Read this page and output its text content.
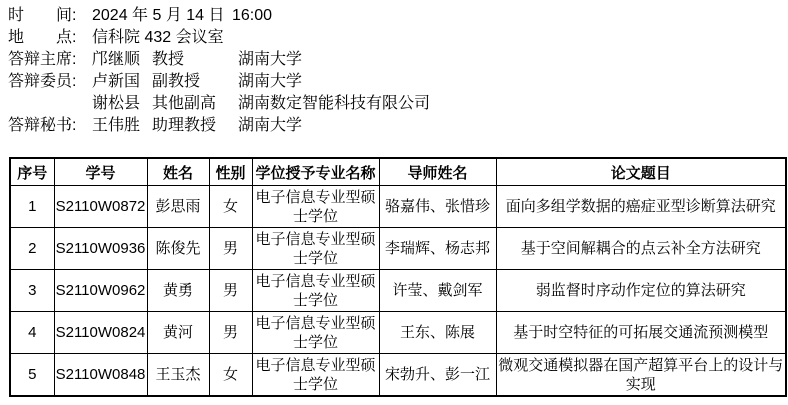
时　　间: 2024 年 5 月 14 日 16:00
地　　点: 信科院 432 会议室
答辩主席: 邝继顺 教授	湖南大学
答辩委员: 卢新国 副教授	湖南大学
谢松县 其他副高	湖南数定智能科技有限公司
答辩秘书: 王伟胜 助理教授	湖南大学
序号	学号	姓名	性别	学位授予专业名称	导师姓名	论文题目
1	S2110W0872	彭思雨	女	电子信息专业型硕士学位	骆嘉伟、张惜珍	面向多组学数据的癌症亚型诊断算法研究
2	S2110W0936	陈俊先	男	电子信息专业型硕士学位	李瑞辉、杨志邦	基于空间解耦合的点云补全方法研究
3	S2110W0962	黄勇	男	电子信息专业型硕士学位	许莹、戴剑军	弱监督时序动作定位的算法研究
4	S2110W0824	黄河	男	电子信息专业型硕士学位	王东、陈展	基于时空特征的可拓展交通流预测模型
5	S2110W0848	王玉杰	女	电子信息专业型硕士学位	宋勃升、彭一江	微观交通模拟器在国产超算平台上的设计与实现
